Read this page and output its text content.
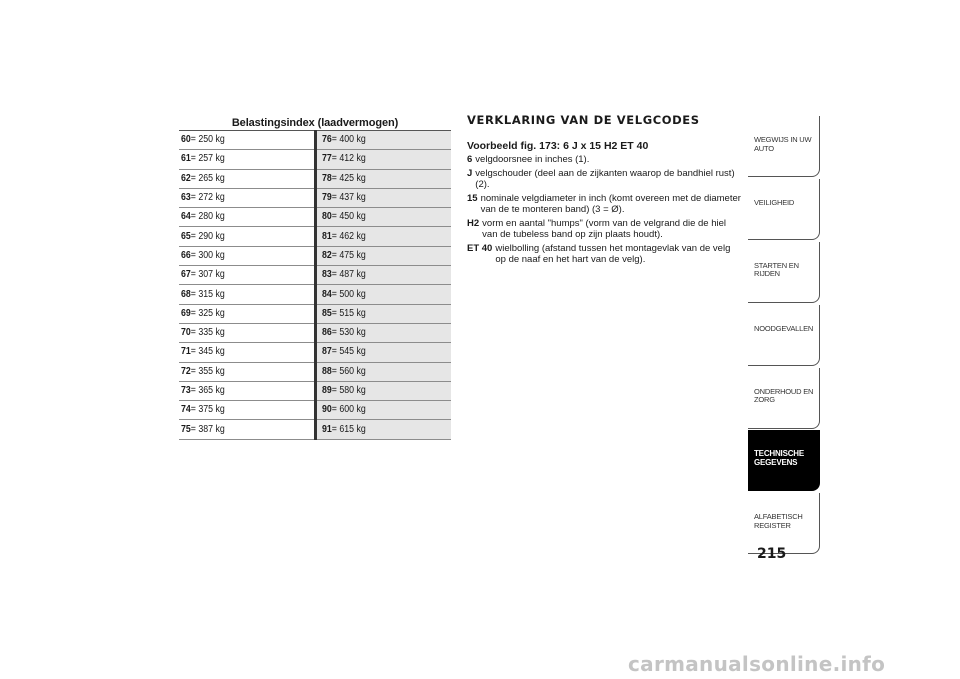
Belastingsindex (laadvermogen)
60= 250 kg	76= 400 kg
61= 257 kg	77= 412 kg
62= 265 kg	78= 425 kg
63= 272 kg	79= 437 kg
64= 280 kg	80= 450 kg
65= 290 kg	81= 462 kg
66= 300 kg	82= 475 kg
67= 307 kg	83= 487 kg
68= 315 kg	84= 500 kg
69= 325 kg	85= 515 kg
70= 335 kg	86= 530 kg
71= 345 kg	87= 545 kg
72= 355 kg	88= 560 kg
73= 365 kg	89= 580 kg
74= 375 kg	90= 600 kg
75= 387 kg	91= 615 kg
VERKLARING VAN DE VELGCODES
Voorbeeld fig. 173: 6 J x 15 H2 ET 40
6 velgdoorsnee in inches (1).
J velgschouder (deel aan de zijkanten waarop de bandhiel rust) (2).
15 nominale velgdiameter in inch (komt overeen met de diameter van de te monteren band) (3 = Ø).
H2 vorm en aantal "humps" (vorm van de velgrand die de hiel van de tubeless band op zijn plaats houdt).
ET 40 wielbolling (afstand tussen het montagevlak van de velg op de naaf en het hart van de velg).
WEGWIJS IN UW AUTO
VEILIGHEID
STARTEN EN RIJDEN
NOODGEVALLEN
ONDERHOUD EN ZORG
TECHNISCHE GEGEVENS
ALFABETISCH REGISTER
215
carmanualsonline.info
